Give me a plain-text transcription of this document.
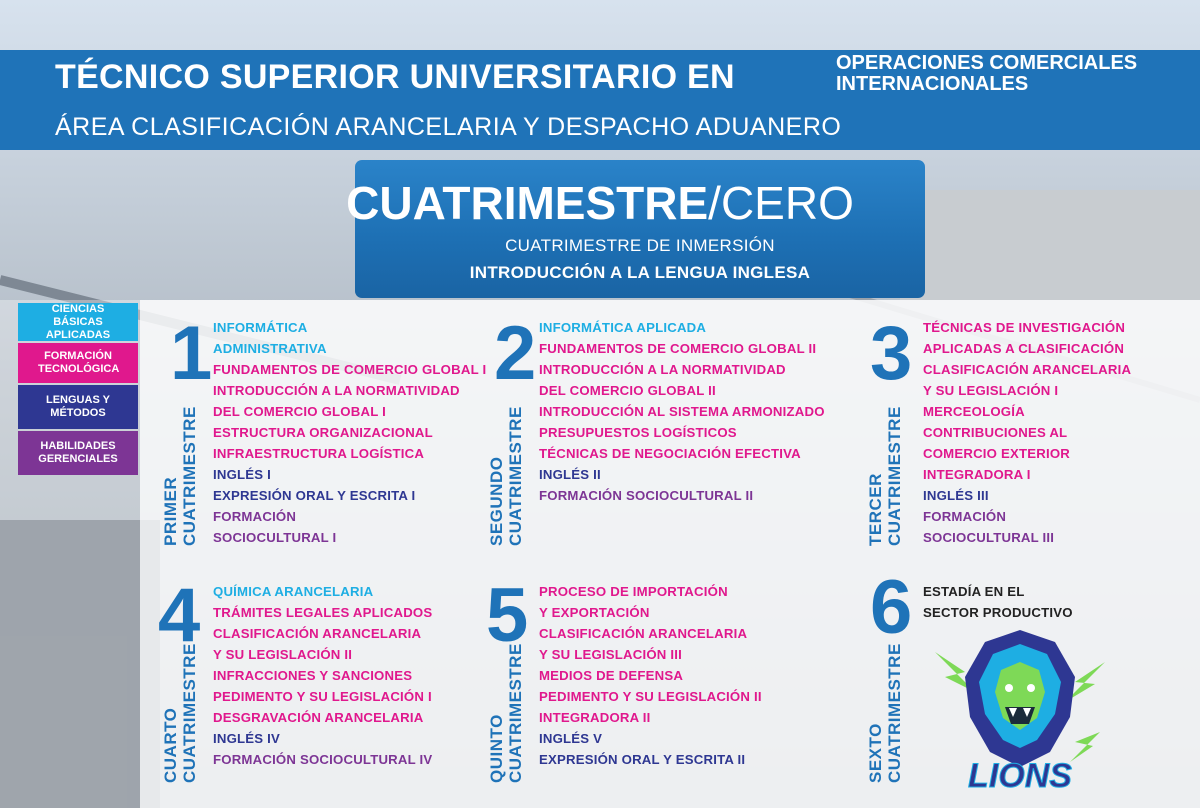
TÉCNICO SUPERIOR UNIVERSITARIO EN	OPERACIONES COMERCIALES
INTERNACIONALES
ÁREA CLASIFICACIÓN ARANCELARIA Y DESPACHO ADUANERO
CUATRIMESTRE/CERO
CUATRIMESTRE DE INMERSIÓN
INTRODUCCIÓN A LA LENGUA INGLESA
CIENCIAS BÁSICAS APLICADAS
FORMACIÓN TECNOLÓGICA
LENGUAS Y MÉTODOS
HABILIDADES GERENCIALES
1
PRIMER CUATRIMESTRE
INFORMÁTICA
ADMINISTRATIVA
FUNDAMENTOS DE COMERCIO GLOBAL I
INTRODUCCIÓN A LA NORMATIVIDAD
DEL COMERCIO GLOBAL I
ESTRUCTURA ORGANIZACIONAL
INFRAESTRUCTURA LOGÍSTICA
INGLÉS I
EXPRESIÓN ORAL Y ESCRITA I
FORMACIÓN
SOCIOCULTURAL I
2
SEGUNDO CUATRIMESTRE
INFORMÁTICA APLICADA
FUNDAMENTOS DE COMERCIO GLOBAL II
INTRODUCCIÓN A LA NORMATIVIDAD
DEL COMERCIO GLOBAL II
INTRODUCCIÓN AL SISTEMA ARMONIZADO
PRESUPUESTOS LOGÍSTICOS
TÉCNICAS DE NEGOCIACIÓN EFECTIVA
INGLÉS II
FORMACIÓN SOCIOCULTURAL II
3
TERCER CUATRIMESTRE
TÉCNICAS DE INVESTIGACIÓN
APLICADAS A CLASIFICACIÓN
CLASIFICACIÓN ARANCELARIA
Y SU LEGISLACIÓN I
MERCEOLOGÍA
CONTRIBUCIONES AL
COMERCIO EXTERIOR
INTEGRADORA I
INGLÉS III
FORMACIÓN
SOCIOCULTURAL III
4
CUARTO CUATRIMESTRE
QUÍMICA ARANCELARIA
TRÁMITES LEGALES APLICADOS
CLASIFICACIÓN ARANCELARIA
Y SU LEGISLACIÓN II
INFRACCIONES Y SANCIONES
PEDIMENTO Y SU LEGISLACIÓN I
DESGRAVACIÓN ARANCELARIA
INGLÉS IV
FORMACIÓN SOCIOCULTURAL IV
5
QUINTO CUATRIMESTRE
PROCESO DE IMPORTACIÓN
Y EXPORTACIÓN
CLASIFICACIÓN ARANCELARIA
Y SU LEGISLACIÓN III
MEDIOS DE DEFENSA
PEDIMENTO Y SU LEGISLACIÓN II
INTEGRADORA II
INGLÉS V
EXPRESIÓN ORAL Y ESCRITA II
6
SEXTO CUATRIMESTRE
ESTADÍA EN EL
SECTOR PRODUCTIVO
LIONS
